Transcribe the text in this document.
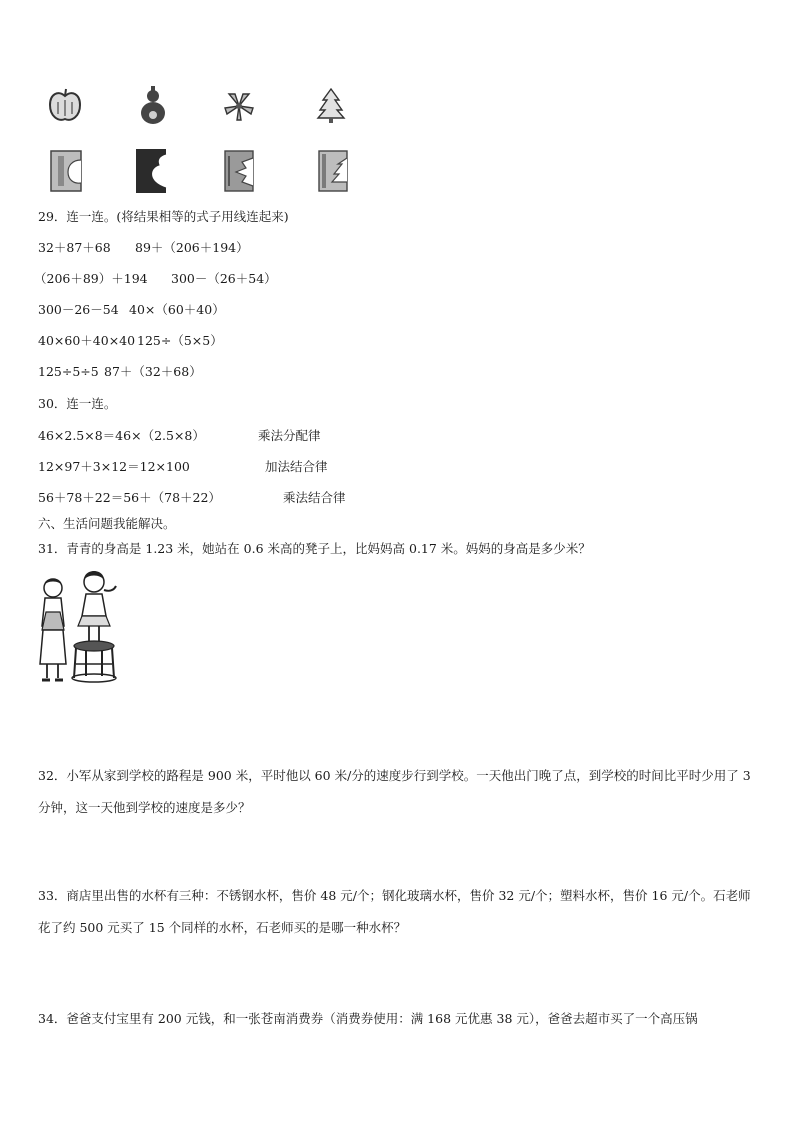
29．连一连。(将结果相等的式子用线连起来)
32＋87＋68 89＋（206＋194）
（206＋89）＋194 300－（26＋54）
300－26－54 40×（60＋40）
40×60＋40×40 125÷（5×5）
125÷5÷5 87＋（32＋68）
30．连一连。
46×2.5×8＝46×（2.5×8）	乘法分配律
12×97＋3×12＝12×100	加法结合律
56＋78＋22＝56＋（78＋22）	乘法结合律
六、生活问题我能解决。
31．青青的身高是 1.23 米，她站在 0.6 米高的凳子上，比妈妈高 0.17 米。妈妈的身高是多少米？
32．小军从家到学校的路程是 900 米，平时他以 60 米/分的速度步行到学校。一天他出门晚了点，到学校的时间比平时少用了 3 分钟，这一天他到学校的速度是多少？
33．商店里出售的水杯有三种：不锈钢水杯，售价 48 元/个；钢化玻璃水杯，售价 32 元/个；塑料水杯，售价 16 元/个。石老师花了约 500 元买了 15 个同样的水杯，石老师买的是哪一种水杯？
34．爸爸支付宝里有 200 元钱，和一张苍南消费券（消费券使用：满 168 元优惠 38 元），爸爸去超市买了一个高压锅
